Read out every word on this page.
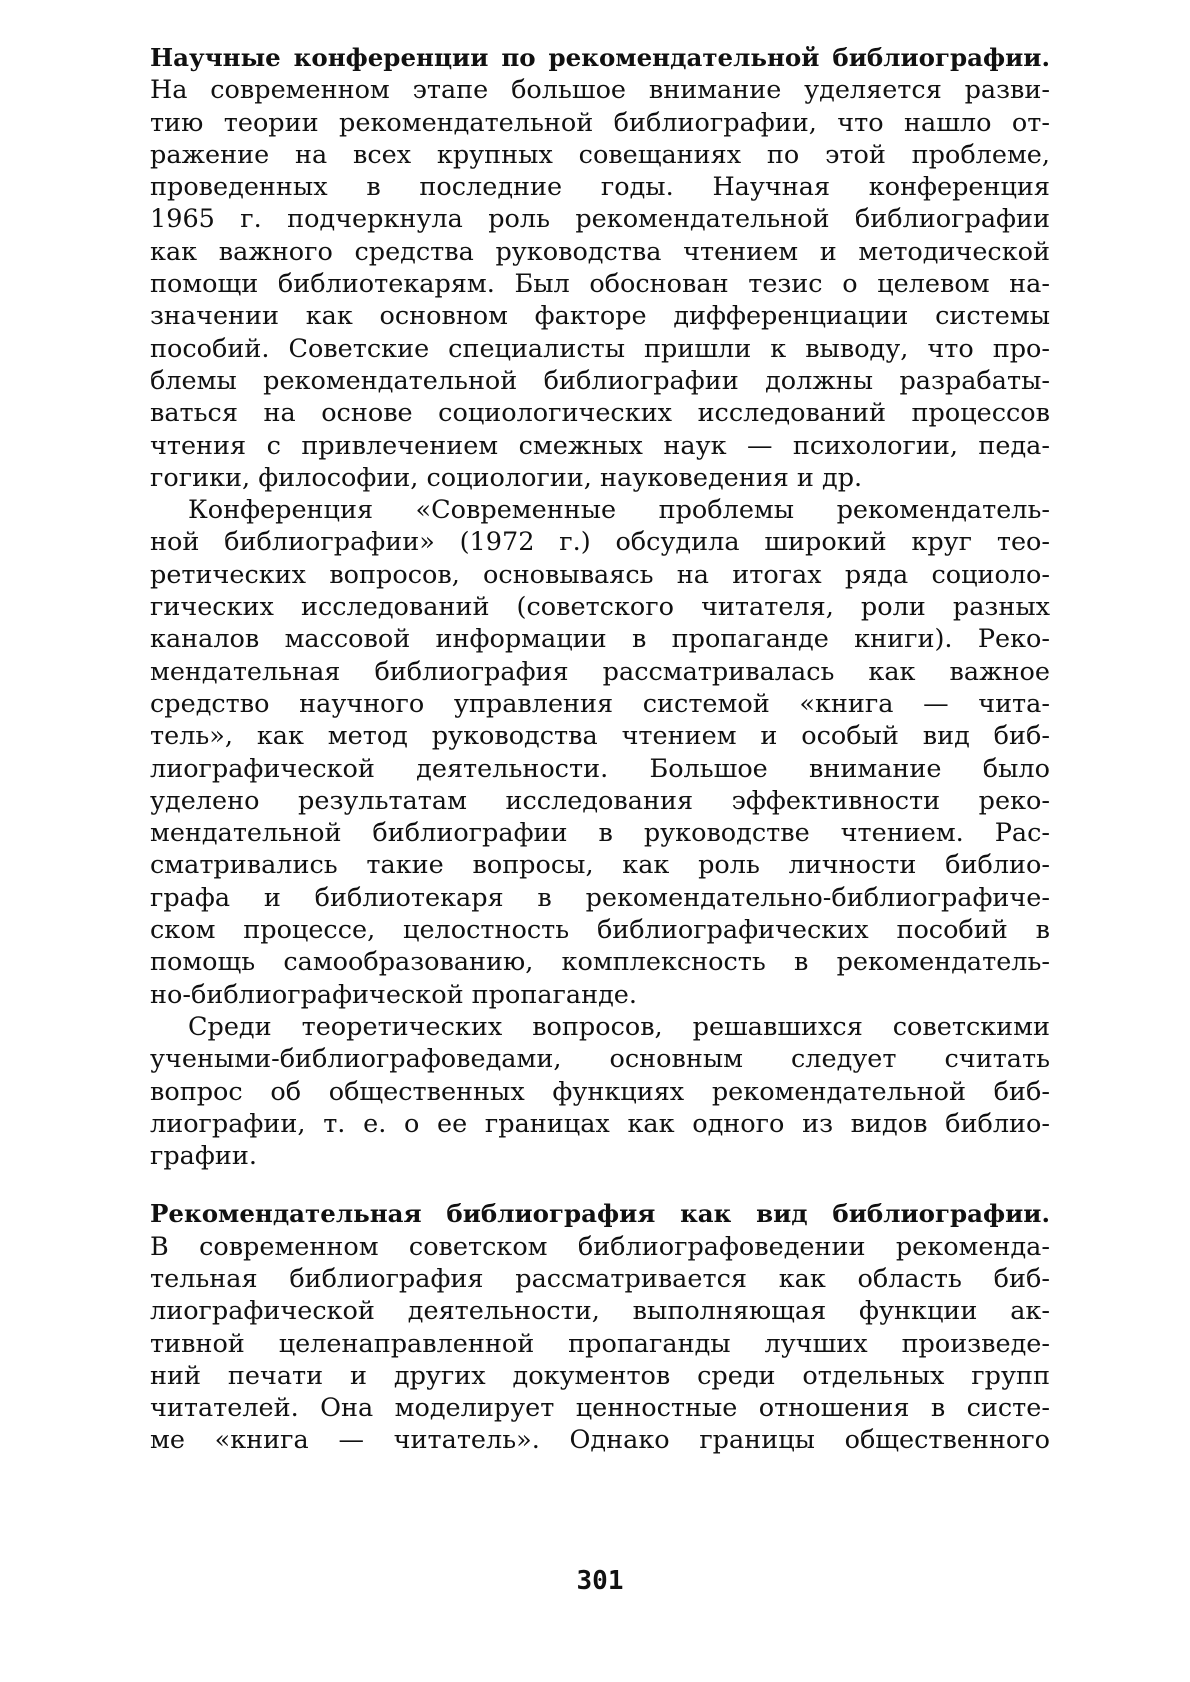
Научные конференции по рекомендательной библиографии.
На современном этапе большое внимание уделяется разви-
тию теории рекомендательной библиографии, что нашло от-
ражение на всех крупных совещаниях по этой проблеме,
проведенных в последние годы. Научная конференция
1965 г. подчеркнула роль рекомендательной библиографии
как важного средства руководства чтением и методической
помощи библиотекарям. Был обоснован тезис о целевом на-
значении как основном факторе дифференциации системы
пособий. Советские специалисты пришли к выводу, что про-
блемы рекомендательной библиографии должны разрабаты-
ваться на основе социологических исследований процессов
чтения с привлечением смежных наук — психологии, педа-
гогики, философии, социологии, науковедения и др.
Конференция «Современные проблемы рекомендатель-
ной библиографии» (1972 г.) обсудила широкий круг тео-
ретических вопросов, основываясь на итогах ряда социоло-
гических исследований (советского читателя, роли разных
каналов массовой информации в пропаганде книги). Реко-
мендательная библиография рассматривалась как важное
средство научного управления системой «книга — чита-
тель», как метод руководства чтением и особый вид биб-
лиографической деятельности. Большое внимание было
уделено результатам исследования эффективности реко-
мендательной библиографии в руководстве чтением. Рас-
сматривались такие вопросы, как роль личности библио-
графа и библиотекаря в рекомендательно-библиографиче-
ском процессе, целостность библиографических пособий в
помощь самообразованию, комплексность в рекомендатель-
но-библиографической пропаганде.
Среди теоретических вопросов, решавшихся советскими
учеными-библиографоведами, основным следует считать
вопрос об общественных функциях рекомендательной биб-
лиографии, т. е. о ее границах как одного из видов библио-
графии.
Рекомендательная библиография как вид библиографии.
В современном советском библиографоведении рекоменда-
тельная библиография рассматривается как область биб-
лиографической деятельности, выполняющая функции ак-
тивной целенаправленной пропаганды лучших произведе-
ний печати и других документов среди отдельных групп
читателей. Она моделирует ценностные отношения в систе-
ме «книга — читатель». Однако границы общественного
301
